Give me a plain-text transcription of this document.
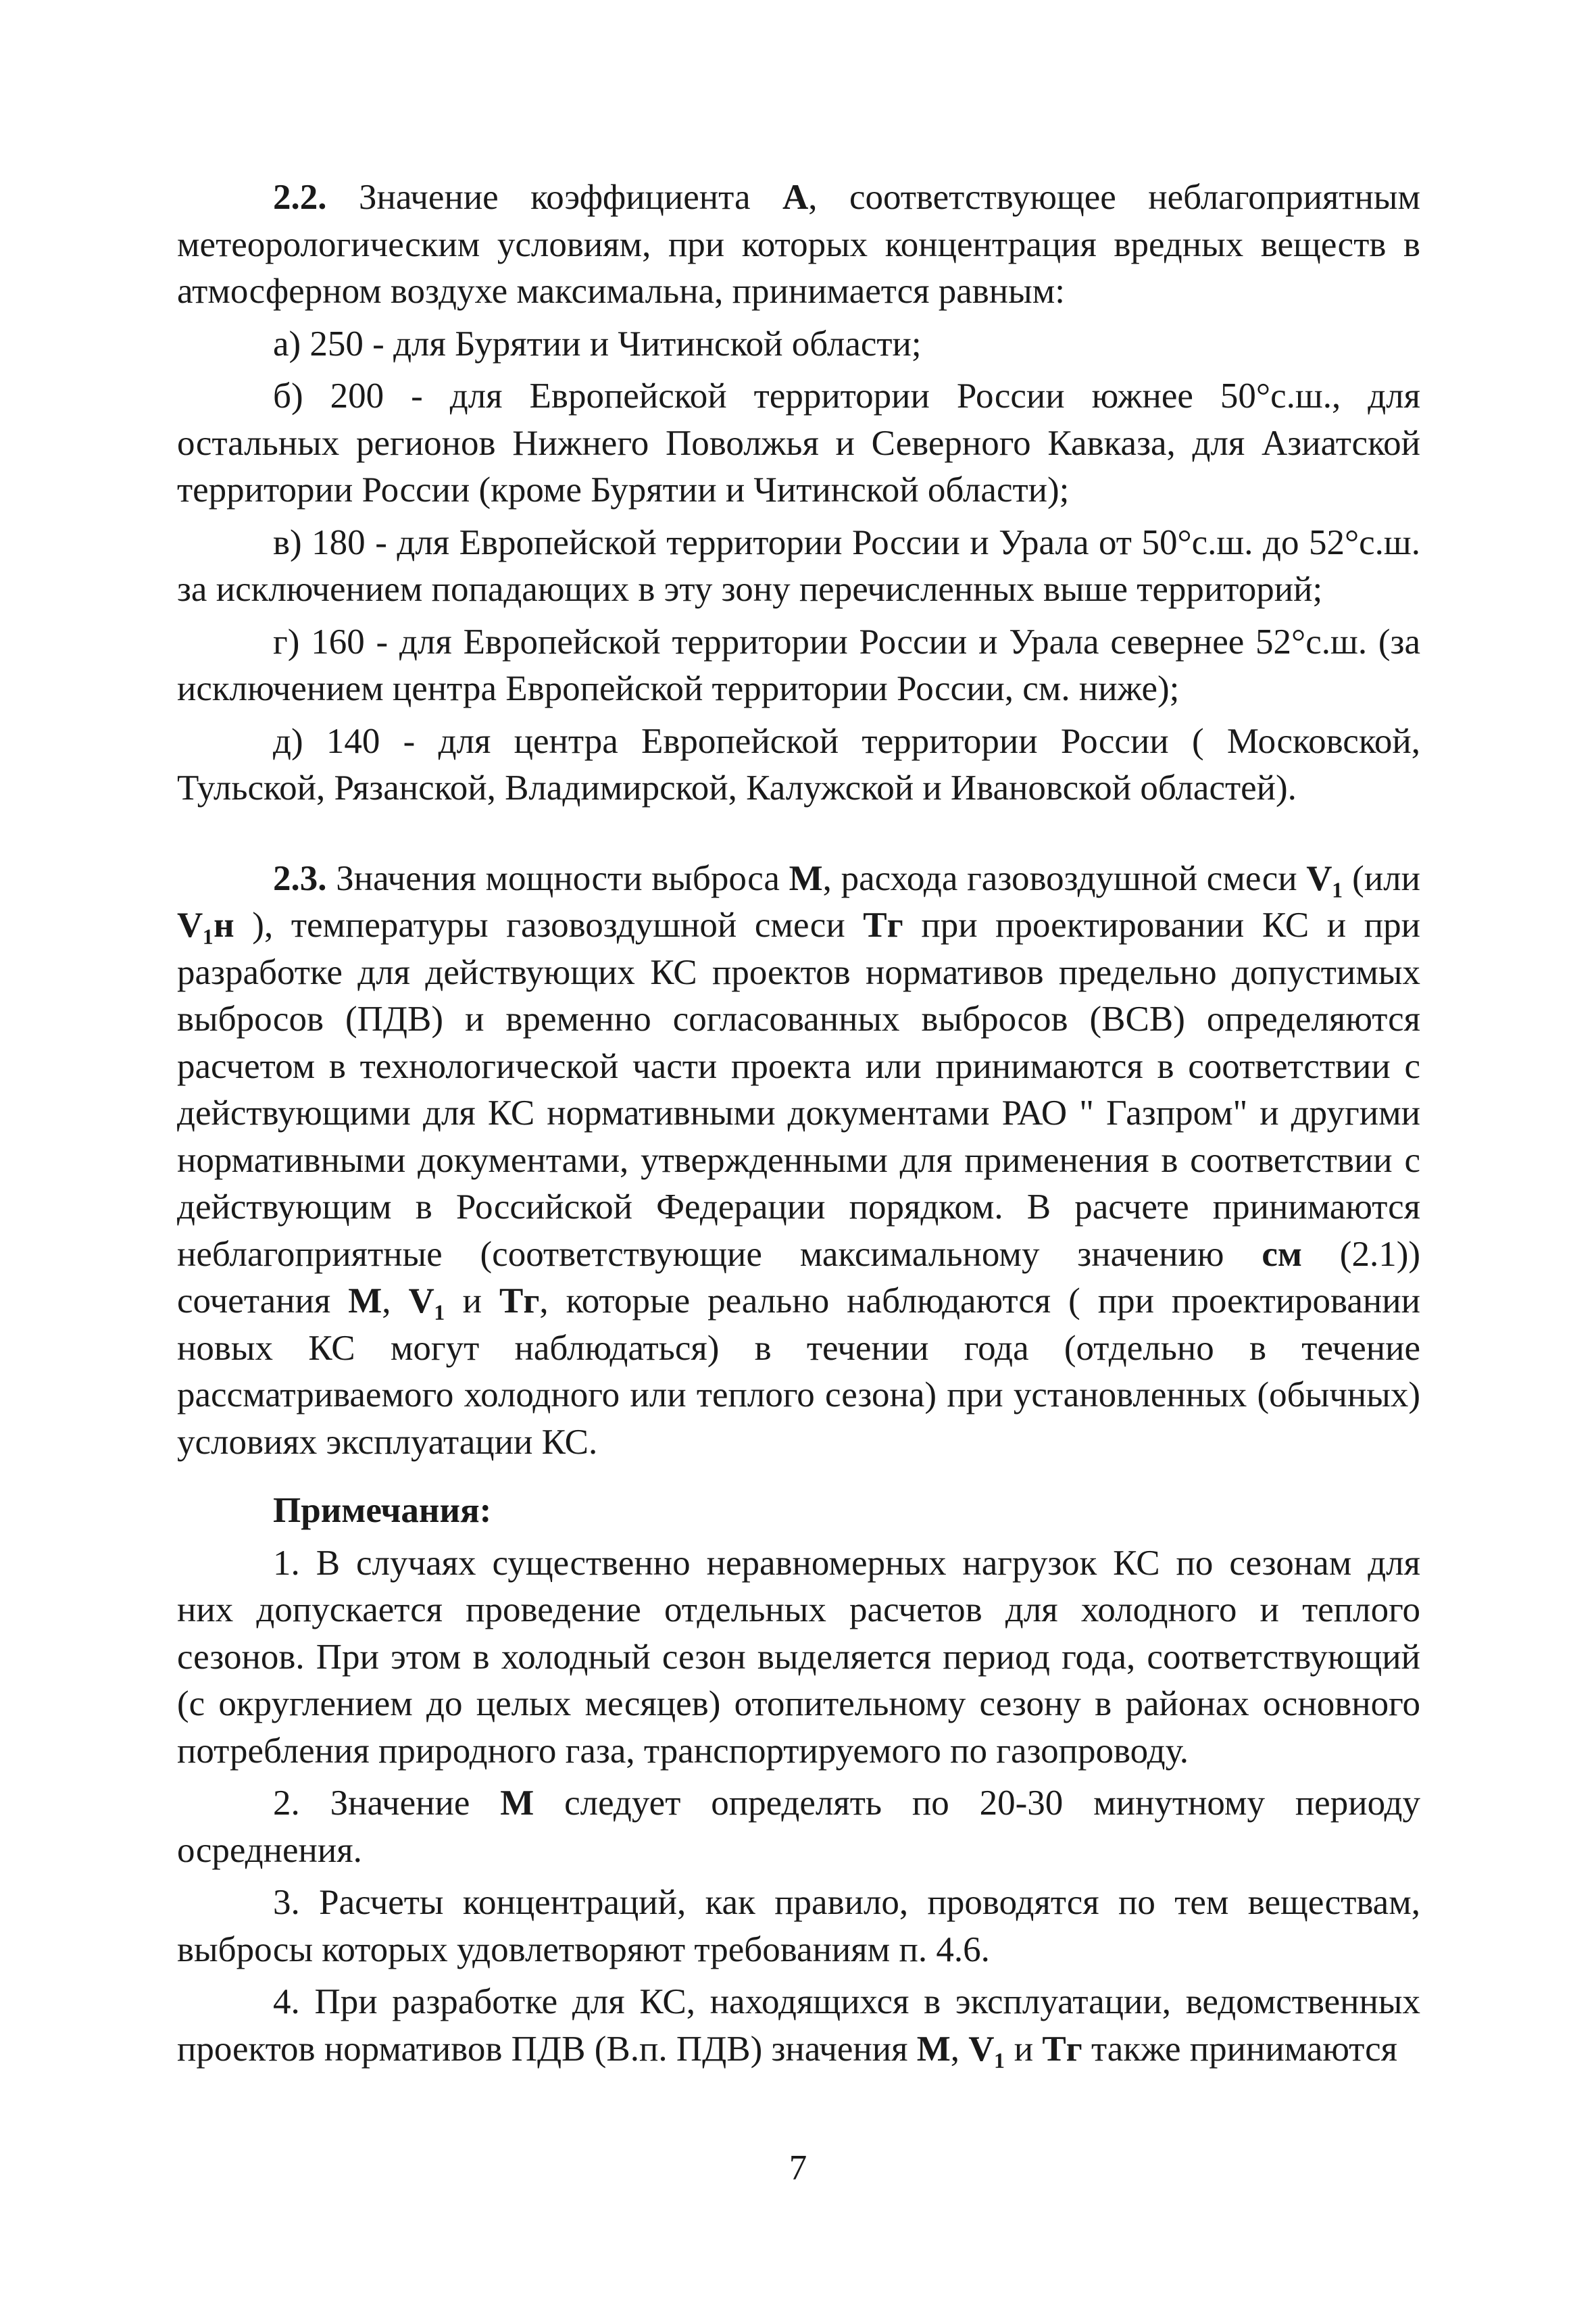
2.2. Значение коэффициента А, соответствующее неблагоприятным метеорологическим условиям, при которых концентрация вредных веществ в атмосферном воздухе максимальна, принимается равным:

а) 250 - для Бурятии и Читинской области;

б) 200 - для Европейской территории России южнее 50°с.ш., для остальных регионов Нижнего Поволжья и Северного Кавказа, для Азиатской территории России (кроме Бурятии и Читинской области);

в) 180 - для Европейской территории России и Урала от 50°с.ш. до 52°с.ш. за исключением попадающих в эту зону перечисленных выше территорий;

г) 160 - для Европейской территории России и Урала севернее 52°с.ш. (за исключением центра Европейской территории России, см. ниже);

д) 140 - для центра Европейской территории России ( Московской, Тульской, Рязанской, Владимирской, Калужской и Ивановской областей).

2.3. Значения мощности выброса М, расхода газовоздушной смеси V₁ (или V₁н ), температуры газовоздушной смеси Тг при проектировании КС и при разработке для действующих КС проектов нормативов предельно допустимых выбросов (ПДВ) и временно согласованных выбросов (ВСВ) определяются расчетом в технологической части проекта или принимаются в соответствии с действующими для КС нормативными документами РАО " Газпром" и другими нормативными документами, утвержденными для применения в соответствии с действующим в Российской Федерации порядком. В расчете принимаются неблагоприятные (соответствующие максимальному значению cм (2.1)) сочетания М, V₁ и Тг, которые реально наблюдаются ( при проектировании новых КС могут наблюдаться) в течении года (отдельно в течение рассматриваемого холодного или теплого сезона) при установленных (обычных) условиях эксплуатации КС.

Примечания:

1. В случаях существенно неравномерных нагрузок КС по сезонам для них допускается проведение отдельных расчетов для холодного и теплого сезонов. При этом в холодный сезон выделяется период года, соответствующий (с округлением до целых месяцев) отопительному сезону в районах основного потребления природного газа, транспортируемого по газопроводу.

2. Значение М следует определять по 20-30 минутному периоду осреднения.

3. Расчеты концентраций, как правило, проводятся по тем веществам, выбросы которых удовлетворяют требованиям п. 4.6.

4. При разработке для КС, находящихся в эксплуатации, ведомственных проектов нормативов ПДВ (В.п. ПДВ) значения М, V₁ и Тг также принимаются

7
